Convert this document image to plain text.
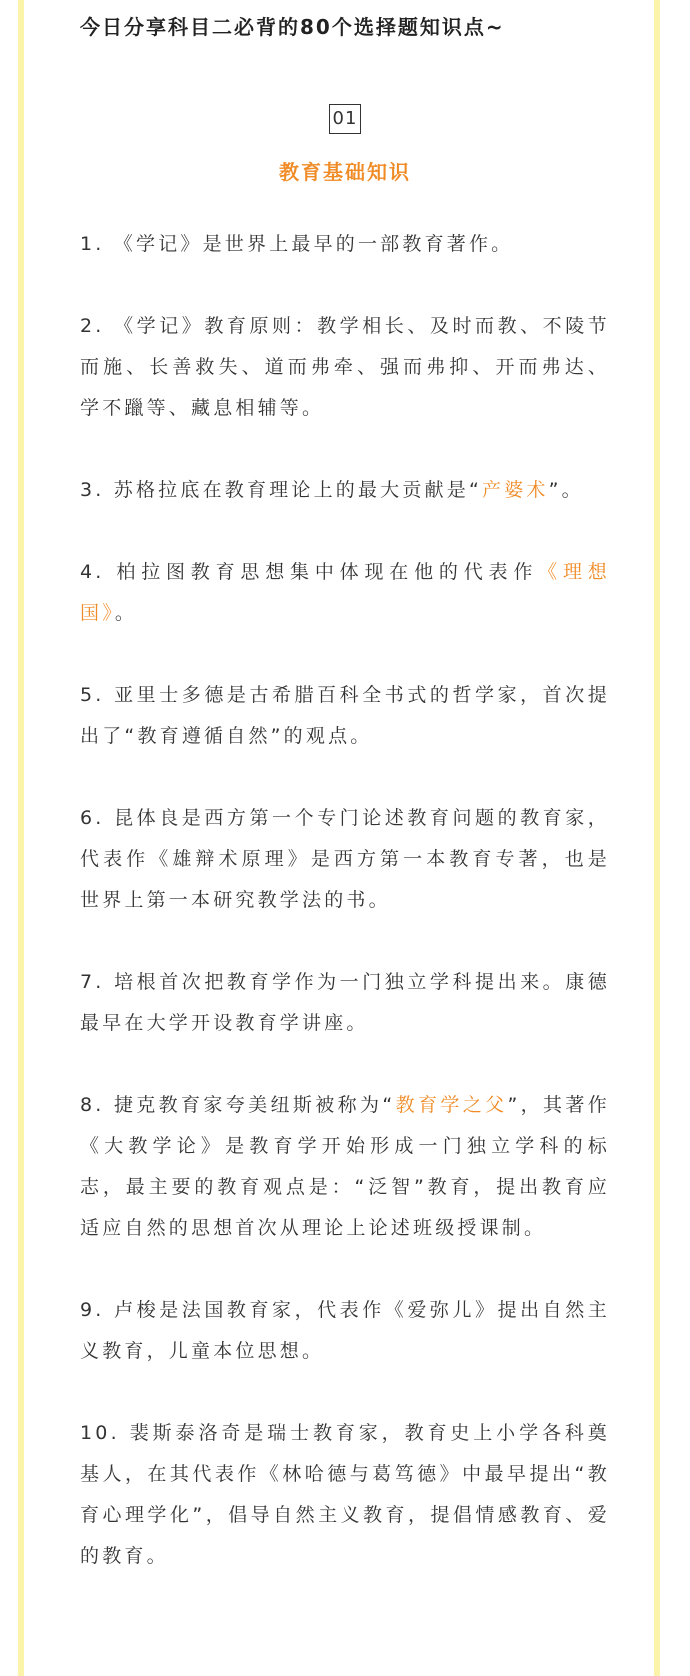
今日分享科目二必背的80个选择题知识点~
01
教育基础知识

1. 《学记》是世界上最早的一部教育著作。

2. 《学记》教育原则：教学相长、及时而教、不陵节而施、长善救失、道而弗牵、强而弗抑、开而弗达、学不躐等、藏息相辅等。

3. 苏格拉底在教育理论上的最大贡献是“产婆术”。

4. 柏拉图教育思想集中体现在他的代表作《理想国》。

5. 亚里士多德是古希腊百科全书式的哲学家，首次提出了“教育遵循自然”的观点。

6. 昆体良是西方第一个专门论述教育问题的教育家，代表作《雄辩术原理》是西方第一本教育专著，也是世界上第一本研究教学法的书。

7. 培根首次把教育学作为一门独立学科提出来。康德最早在大学开设教育学讲座。

8. 捷克教育家夸美纽斯被称为“教育学之父”，其著作《大教学论》是教育学开始形成一门独立学科的标志，最主要的教育观点是：“泛智”教育，提出教育应适应自然的思想首次从理论上论述班级授课制。

9. 卢梭是法国教育家，代表作《爱弥儿》提出自然主义教育，儿童本位思想。

10. 裴斯泰洛奇是瑞士教育家，教育史上小学各科奠基人，在其代表作《林哈德与葛笃德》中最早提出“教育心理学化”，倡导自然主义教育，提倡情感教育、爱的教育。
